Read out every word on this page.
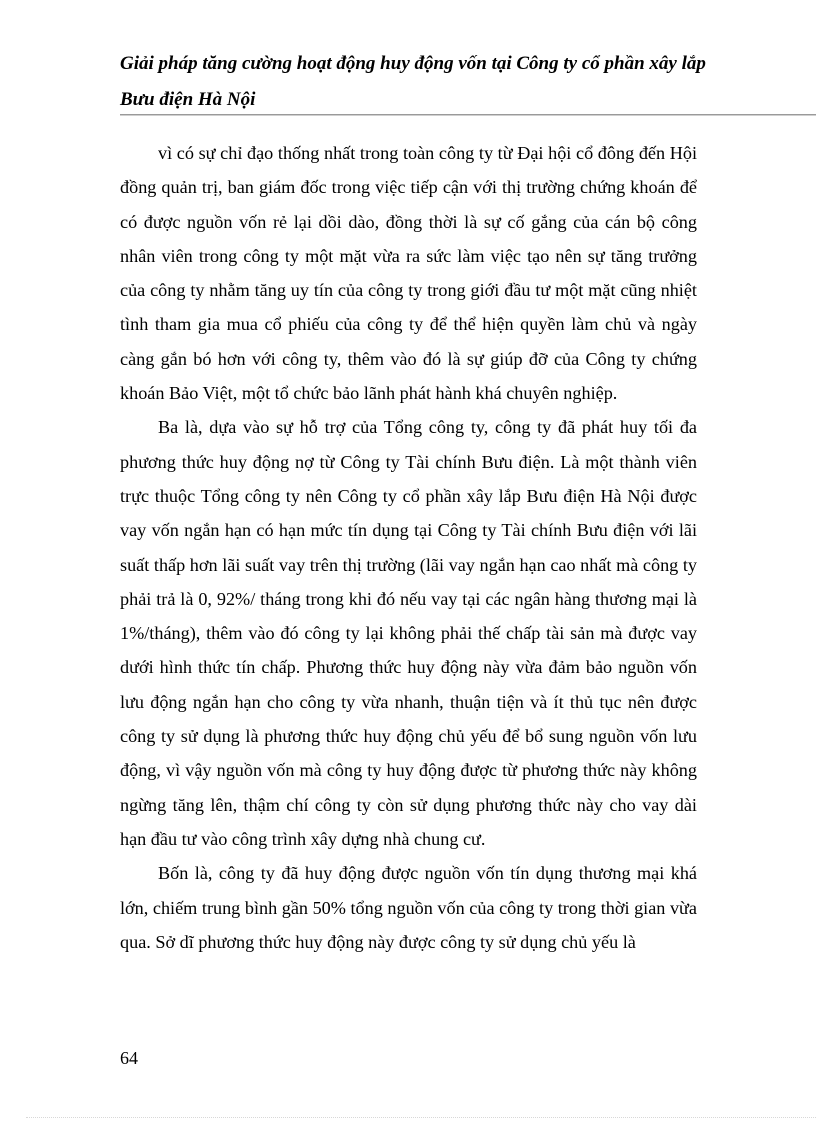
Giải pháp tăng cường hoạt động huy động vốn tại Công ty cổ phần xây lắp
Bưu điện Hà Nội

vì có sự chỉ đạo thống nhất trong toàn công ty từ Đại hội cổ đông đến Hội đồng quản trị, ban giám đốc trong việc tiếp cận với thị trường chứng khoán để có được nguồn vốn rẻ lại dồi dào, đồng thời là sự cố gắng của cán bộ công nhân viên trong công ty một mặt vừa ra sức làm việc tạo nên sự tăng trưởng của công ty nhằm tăng uy tín của công ty trong giới đầu tư một mặt cũng nhiệt tình tham gia mua cổ phiếu của công ty để thể hiện quyền làm chủ và ngày càng gắn bó hơn với công ty, thêm vào đó là sự giúp đỡ của Công ty chứng khoán Bảo Việt, một tổ chức bảo lãnh phát hành khá chuyên nghiệp.

Ba là, dựa vào sự hỗ trợ của Tổng công ty, công ty đã phát huy tối đa phương thức huy động nợ từ Công ty Tài chính Bưu điện. Là một thành viên trực thuộc Tổng công ty nên Công ty cổ phần xây lắp Bưu điện Hà Nội được vay vốn ngắn hạn có hạn mức tín dụng tại Công ty Tài chính Bưu điện với lãi suất thấp hơn lãi suất vay trên thị trường (lãi vay ngắn hạn cao nhất mà công ty phải trả là 0, 92%/ tháng trong khi đó nếu vay tại các ngân hàng thương mại là 1%/tháng), thêm vào đó công ty lại không phải thế chấp tài sản mà được vay dưới hình thức tín chấp. Phương thức huy động này vừa đảm bảo nguồn vốn lưu động ngắn hạn cho công ty vừa nhanh, thuận tiện và ít thủ tục nên được công ty sử dụng là phương thức huy động chủ yếu để bổ sung nguồn vốn lưu động, vì vậy nguồn vốn mà công ty huy động được từ phương thức này không ngừng tăng lên, thậm chí công ty còn sử dụng phương thức này cho vay dài hạn đầu tư vào công trình xây dựng nhà chung cư.

Bốn là, công ty đã huy động được nguồn vốn tín dụng thương mại khá lớn, chiếm trung bình gần 50% tổng nguồn vốn của công ty trong thời gian vừa qua. Sở dĩ phương thức huy động này được công ty sử dụng chủ yếu là

64
